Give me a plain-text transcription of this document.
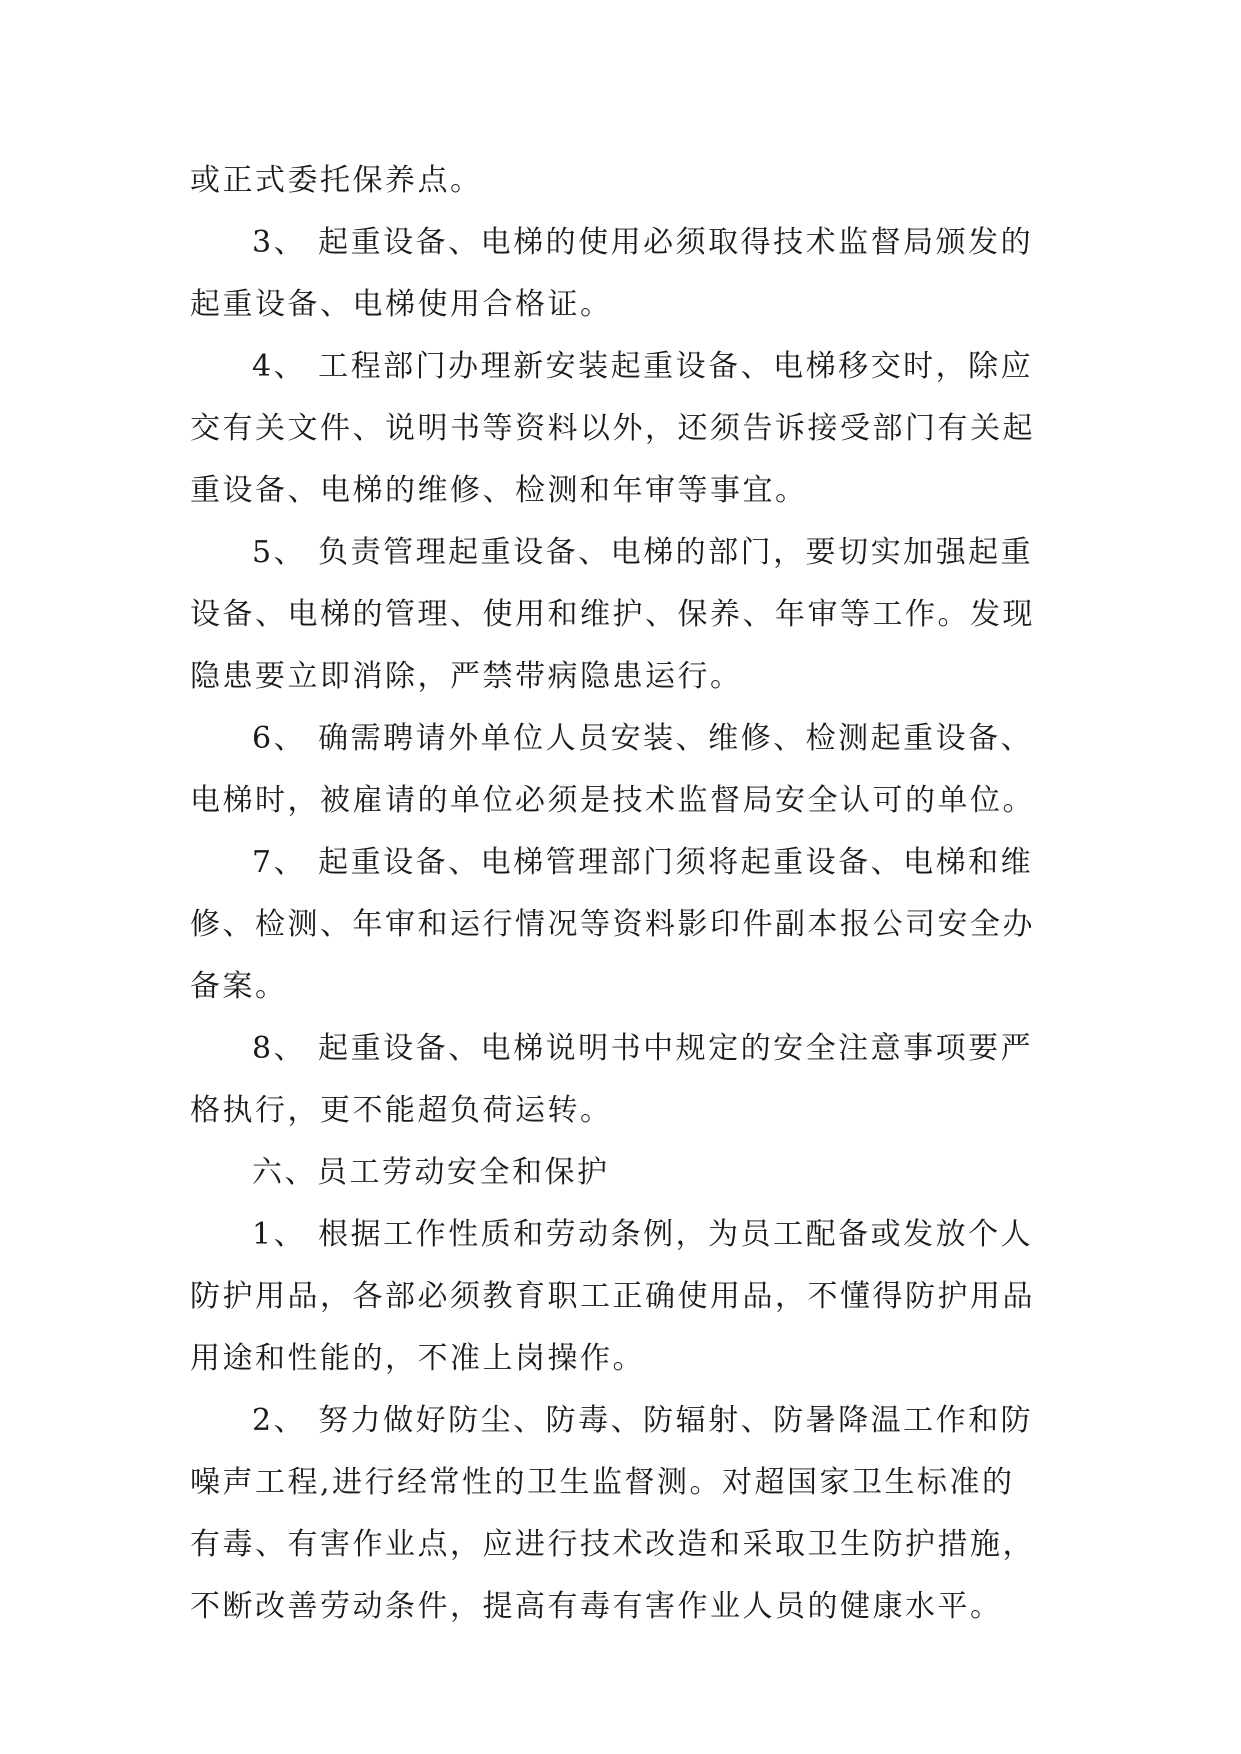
或正式委托保养点。
3、 起重设备、电梯的使用必须取得技术监督局颁发的
起重设备、电梯使用合格证。
4、 工程部门办理新安装起重设备、电梯移交时，除应
交有关文件、说明书等资料以外，还须告诉接受部门有关起
重设备、电梯的维修、检测和年审等事宜。
5、 负责管理起重设备、电梯的部门，要切实加强起重
设备、电梯的管理、使用和维护、保养、年审等工作。发现
隐患要立即消除，严禁带病隐患运行。
6、 确需聘请外单位人员安装、维修、检测起重设备、
电梯时，被雇请的单位必须是技术监督局安全认可的单位。
7、 起重设备、电梯管理部门须将起重设备、电梯和维
修、检测、年审和运行情况等资料影印件副本报公司安全办
备案。
8、 起重设备、电梯说明书中规定的安全注意事项要严
格执行，更不能超负荷运转。
六、员工劳动安全和保护
1、 根据工作性质和劳动条例，为员工配备或发放个人
防护用品，各部必须教育职工正确使用品，不懂得防护用品
用途和性能的，不准上岗操作。
2、 努力做好防尘、防毒、防辐射、防暑降温工作和防
噪声工程,进行经常性的卫生监督测。对超国家卫生标准的
有毒、有害作业点，应进行技术改造和采取卫生防护措施，
不断改善劳动条件，提高有毒有害作业人员的健康水平。
